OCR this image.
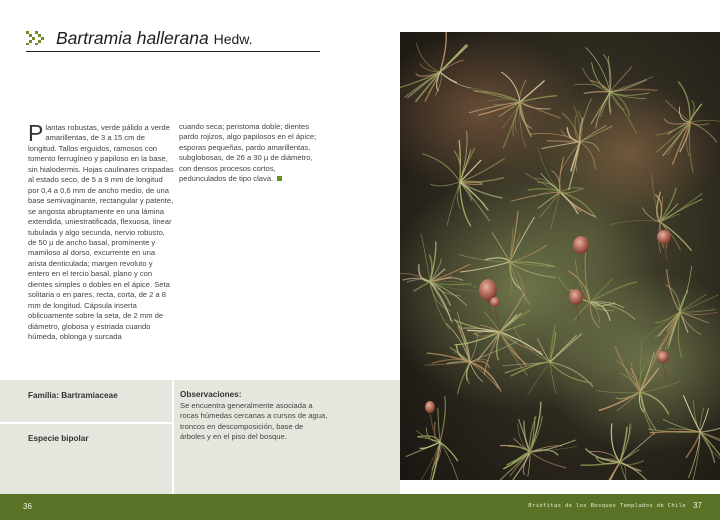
Bartramia hallerana Hedw.
Plantas robustas, verde pálido a verde amarillentas, de 3 a 15 cm de longitud. Tallos erguidos, ramosos con tomento ferrugíneo y papiloso en la base, sin hialodermis. Hojas caulinares crispadas al estado seco, de 5 a 9 mm de longitud por 0,4 a 0,6 mm de ancho medio, de una base semivaginante, rectangular y patente, se angosta abruptamente en una lámina extendida, uniestratificada, flexuosa, linear tubulada y algo secunda, nervio robusto, de 50 µ de ancho basal, prominente y mamiloso al dorso, excurrente en una arista denticulada; margen revoluto y entero en el tercio basal, plano y con dientes simples o dobles en el ápice. Seta solitaria o en pares, recta, corta, de 2 a 8 mm de longitud. Cápsula inserta oblicuamente sobre la seta, de 2 mm de diámetro, globosa y estriada cuando húmeda, oblonga y surcada
cuando seca; peristoma doble; dientes pardo rojizos, algo papilosos en el ápice; esporas pequeñas, pardo amarillentas, subglobosas, de 26 a 30 µ de diámetro, con densos procesos cortos, pedunculados de tipo clava.
Familia: Bartramiaceae
Especie bipolar
Observaciones:
Se encuentra generalmente asociada a rocas húmedas cercanas a cursos de agua, troncos en descomposición, base de árboles y en el piso del bosque.
36	Briófitas de los Bosques Templados de Chile 37
